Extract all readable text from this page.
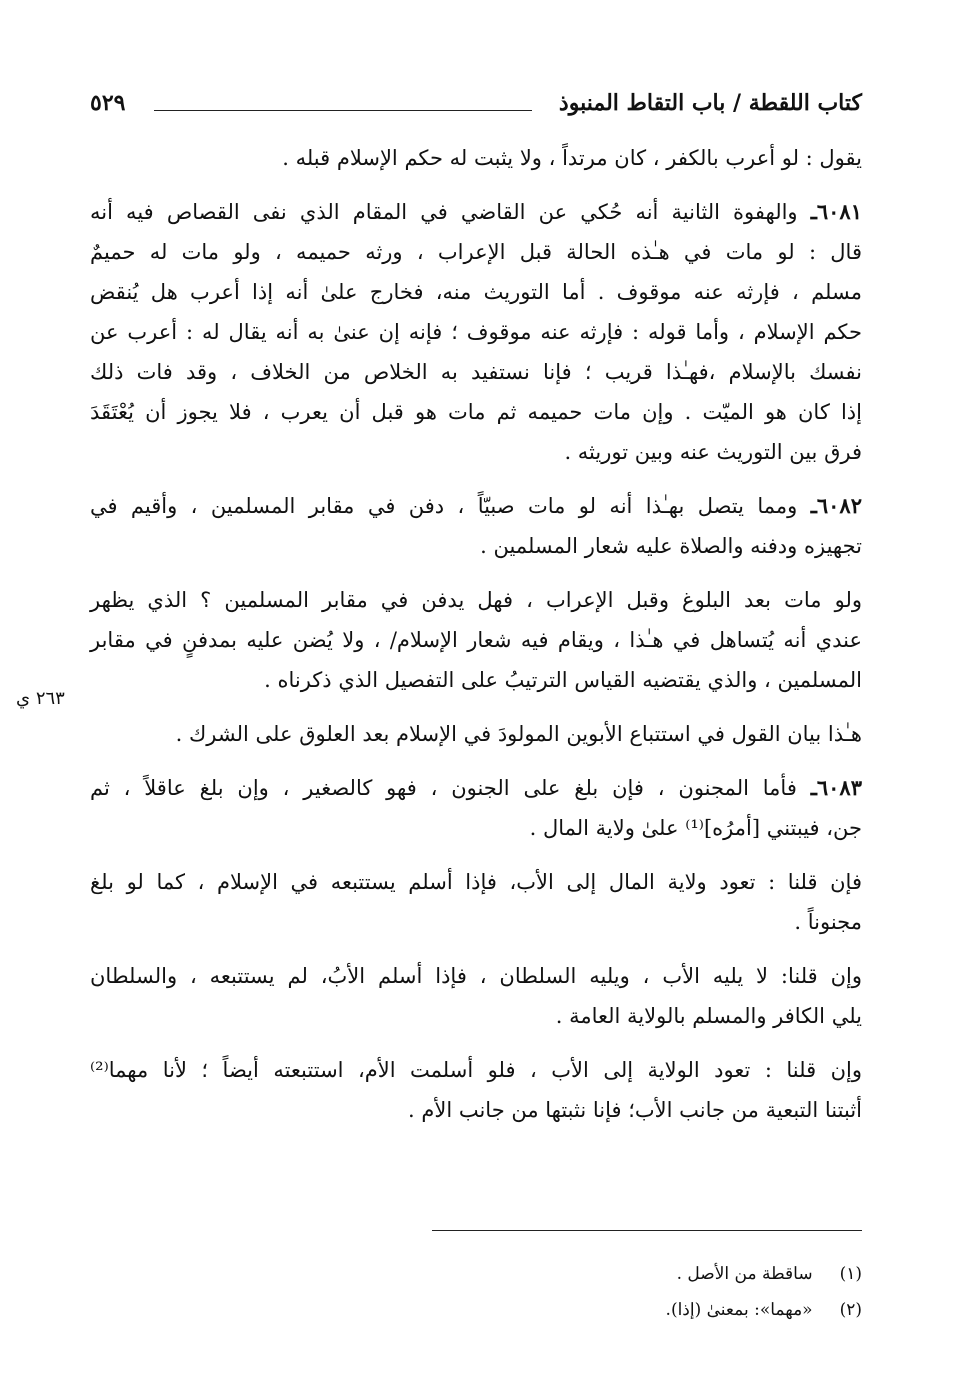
كتاب اللقطة / باب التقاط المنبوذ
٥٢٩

يقول : لو أعرب بالكفر ، كان مرتداً ، ولا يثبت له حكم الإسلام قبله .

٦٠٨١ـ والهفوة الثانية أنه حُكي عن القاضي في المقام الذي نفى القصاص فيه أنه
قال : لو مات في هـٰذه الحالة قبل الإعراب ، ورثه حميمه ، ولو مات له حميمٌ
مسلم ، فإرثه عنه موقوف . أما التوريث منه، فخارج علىٰ أنه إذا أعرب هل يُنقض
حكم الإسلام ، وأما قوله : فإرثه عنه موقوف ؛ فإنه إن عنىٰ به أنه يقال له : أعرب عن
نفسك بالإسلام ،فهـٰذا قريب ؛ فإنا نستفيد به الخلاص من الخلاف ، وقد فات ذلك
إذا كان هو الميّت . وإن مات حميمه ثم مات هو قبل أن يعرب ، فلا يجوز أن يُعْتَقَدَ
فرق بين التوريث عنه وبين توريثه .

٦٠٨٢ـ ومما يتصل بهـٰذا أنه لو مات صبيّاً ، دفن في مقابر المسلمين ، وأقيم في
تجهيزه ودفنه والصلاة عليه شعار المسلمين .

ولو مات بعد البلوغ وقبل الإعراب ، فهل يدفن في مقابر المسلمين ؟ الذي يظهر
عندي أنه يُتساهل في هـٰذا ، ويقام فيه شعار الإسلام/ ، ولا يُضن عليه بمدفنٍ في مقابر
المسلمين ، والذي يقتضيه القياس الترتيبُ على التفصيل الذي ذكرناه .

هـٰذا بيان القول في استتباع الأبوين المولودَ في الإسلام بعد العلوق على الشرك .

٦٠٨٣ـ فأما المجنون ، فإن بلغ على الجنون ، فهو كالصغير ، وإن بلغ عاقلاً ، ثم
جن، فيبتني [أمرُه]⁽¹⁾ علىٰ ولاية المال .

فإن قلنا : تعود ولاية المال إلى الأب، فإذا أسلم يستتبعه في الإسلام ، كما لو بلغ
مجنوناً .

وإن قلنا: لا يليه الأب ، ويليه السلطان ، فإذا أسلم الأبُ، لم يستتبعه ، والسلطان
يلي الكافر والمسلم بالولاية العامة .

وإن قلنا : تعود الولاية إلى الأب ، فلو أسلمت الأم، استتبعته أيضاً ؛ لأنا مهما⁽²⁾
أثبتنا التبعية من جانب الأب؛ فإنا نثبتها من جانب الأم .

٢٦٣ ي
(١) ساقطة من الأصل .
(٢) «مهما»: بمعنىٰ (إذا).
